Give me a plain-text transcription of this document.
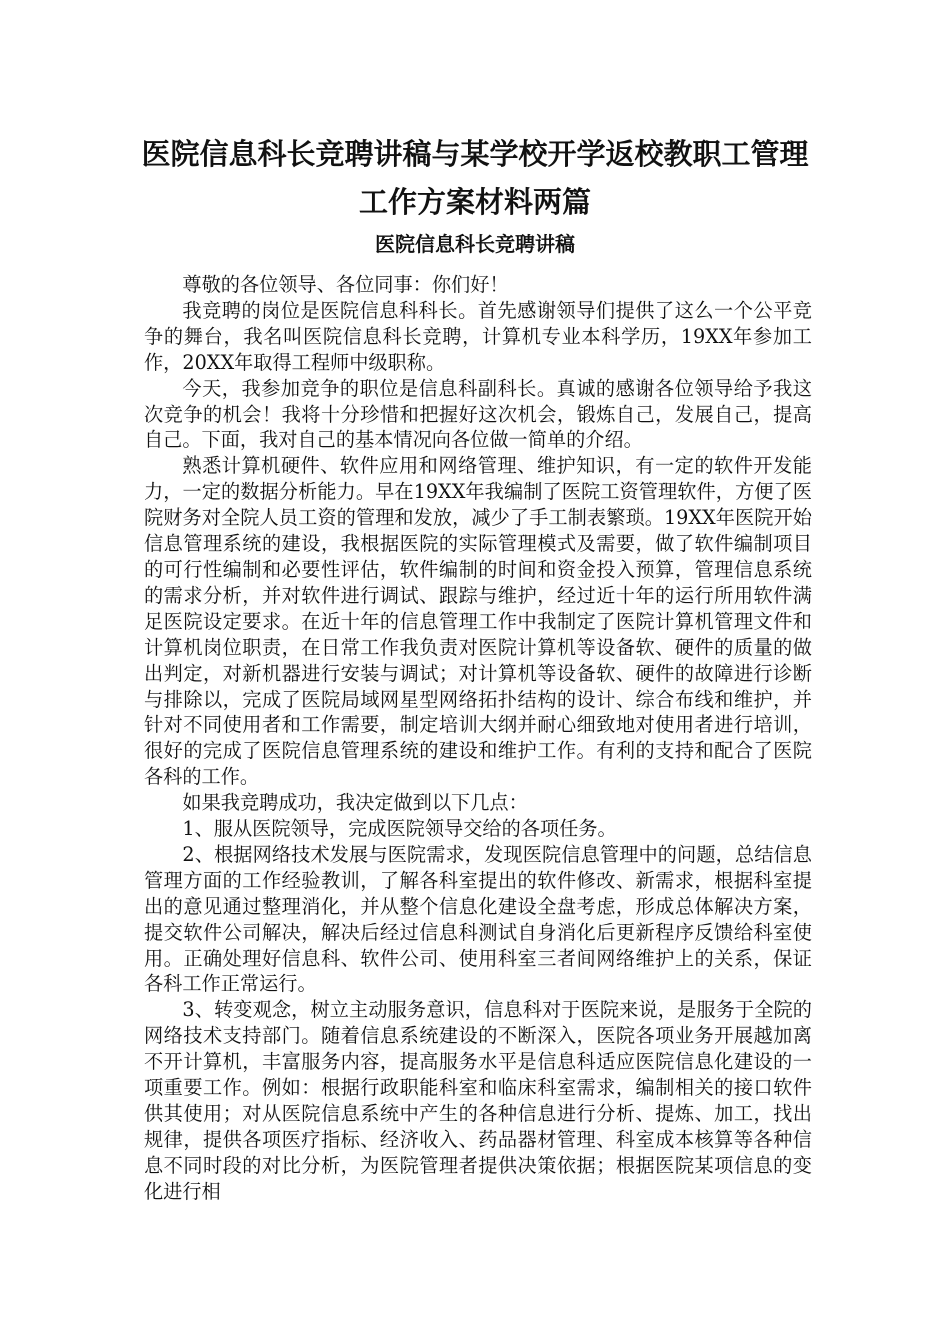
医院信息科长竞聘讲稿与某学校开学返校教职工管理
工作方案材料两篇
医院信息科长竞聘讲稿

尊敬的各位领导、各位同事：你们好！

我竞聘的岗位是医院信息科科长。首先感谢领导们提供了这么一个公平竞争的舞台，我名叫医院信息科长竞聘，计算机专业本科学历，19XX年参加工作，20XX年取得工程师中级职称。

今天，我参加竞争的职位是信息科副科长。真诚的感谢各位领导给予我这次竞争的机会！我将十分珍惜和把握好这次机会，锻炼自己，发展自己，提高自己。下面，我对自己的基本情况向各位做一简单的介绍。

熟悉计算机硬件、软件应用和网络管理、维护知识，有一定的软件开发能力，一定的数据分析能力。早在19XX年我编制了医院工资管理软件，方便了医院财务对全院人员工资的管理和发放，减少了手工制表繁琐。19XX年医院开始信息管理系统的建设，我根据医院的实际管理模式及需要，做了软件编制项目的可行性编制和必要性评估，软件编制的时间和资金投入预算，管理信息系统的需求分析，并对软件进行调试、跟踪与维护，经过近十年的运行所用软件满足医院设定要求。在近十年的信息管理工作中我制定了医院计算机管理文件和计算机岗位职责，在日常工作我负责对医院计算机等设备软、硬件的质量的做出判定，对新机器进行安装与调试；对计算机等设备软、硬件的故障进行诊断与排除以，完成了医院局域网星型网络拓扑结构的设计、综合布线和维护，并针对不同使用者和工作需要，制定培训大纲并耐心细致地对使用者进行培训，很好的完成了医院信息管理系统的建设和维护工作。有利的支持和配合了医院各科的工作。

如果我竞聘成功，我决定做到以下几点：

1、服从医院领导，完成医院领导交给的各项任务。

2、根据网络技术发展与医院需求，发现医院信息管理中的问题，总结信息管理方面的工作经验教训，了解各科室提出的软件修改、新需求，根据科室提出的意见通过整理消化，并从整个信息化建设全盘考虑，形成总体解决方案，提交软件公司解决，解决后经过信息科测试自身消化后更新程序反馈给科室使用。正确处理好信息科、软件公司、使用科室三者间网络维护上的关系，保证各科工作正常运行。

3、转变观念，树立主动服务意识，信息科对于医院来说，是服务于全院的网络技术支持部门。随着信息系统建设的不断深入，医院各项业务开展越加离不开计算机，丰富服务内容，提高服务水平是信息科适应医院信息化建设的一项重要工作。例如：根据行政职能科室和临床科室需求，编制相关的接口软件供其使用；对从医院信息系统中产生的各种信息进行分析、提炼、加工，找出规律，提供各项医疗指标、经济收入、药品器材管理、科室成本核算等各种信息不同时段的对比分析，为医院管理者提供决策依据；根据医院某项信息的变化进行相
